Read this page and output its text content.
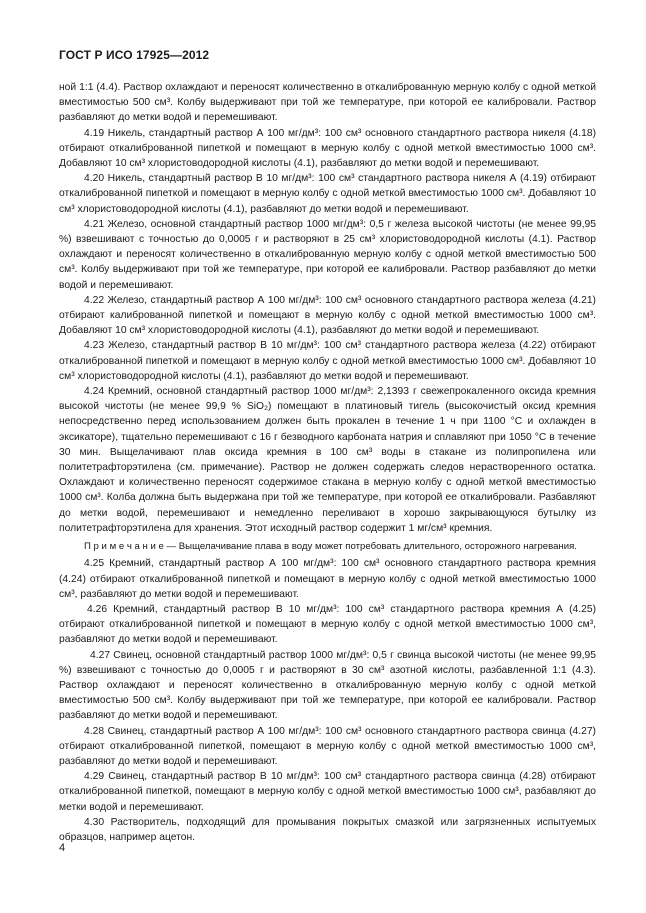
ГОСТ Р ИСО 17925—2012

ной 1:1 (4.4). Раствор охлаждают и переносят количественно в откалиброванную мерную колбу с одной меткой вместимостью 500 см³. Колбу выдерживают при той же температуре, при которой ее калибровали. Раствор разбавляют до метки водой и перемешивают.

4.19 Никель, стандартный раствор А 100 мг/дм³: 100 см³ основного стандартного раствора никеля (4.18) отбирают откалиброванной пипеткой и помещают в мерную колбу с одной меткой вместимостью 1000 см³. Добавляют 10 см³ хлористоводородной кислоты (4.1), разбавляют до метки водой и перемешивают.

4.20 Никель, стандартный раствор В 10 мг/дм³: 100 см³ стандартного раствора никеля А (4.19) отбирают откалиброванной пипеткой и помещают в мерную колбу с одной меткой вместимостью 1000 см³. Добавляют 10 см³ хлористоводородной кислоты (4.1), разбавляют до метки водой и перемешивают.

4.21 Железо, основной стандартный раствор 1000 мг/дм³: 0,5 г железа высокой чистоты (не менее 99,95 %) взвешивают с точностью до 0,0005 г и растворяют в 25 см³ хлористоводородной кислоты (4.1). Раствор охлаждают и переносят количественно в откалиброванную мерную колбу с одной меткой вместимостью 500 см³. Колбу выдерживают при той же температуре, при которой ее калибровали. Раствор разбавляют до метки водой и перемешивают.

4.22 Железо, стандартный раствор А 100 мг/дм³: 100 см³ основного стандартного раствора железа (4.21) отбирают калиброванной пипеткой и помещают в мерную колбу с одной меткой вместимостью 1000 см³. Добавляют 10 см³ хлористоводородной кислоты (4.1), разбавляют до метки водой и перемешивают.

4.23 Железо, стандартный раствор В 10 мг/дм³: 100 см³ стандартного раствора железа (4.22) отбирают откалиброванной пипеткой и помещают в мерную колбу с одной меткой вместимостью 1000 см³. Добавляют 10 см³ хлористоводородной кислоты (4.1), разбавляют до метки водой и перемешивают.

4.24 Кремний, основной стандартный раствор 1000 мг/дм³: 2,1393 г свежепрокаленного оксида кремния высокой чистоты (не менее 99,9 % SiO₂) помещают в платиновый тигель (высокочистый оксид кремния непосредственно перед использованием должен быть прокален в течение 1 ч при 1100 °С и охлажден в эксикаторе), тщательно перемешивают с 16 г безводного карбоната натрия и сплавляют при 1050 °С в течение 30 мин. Выщелачивают плав оксида кремния в 100 см³ воды в стакане из полипропилена или политетрафторэтилена (см. примечание). Раствор не должен содержать следов нерастворенного остатка. Охлаждают и количественно переносят содержимое стакана в мерную колбу с одной меткой вместимостью 1000 см³. Колба должна быть выдержана при той же температуре, при которой ее откалибровали. Разбавляют до метки водой, перемешивают и немедленно переливают в хорошо закрывающуюся бутылку из политетрафторэтилена для хранения. Этот исходный раствор содержит 1 мг/см³ кремния.

П р и м е ч а н и е — Выщелачивание плава в воду может потребовать длительного, осторожного нагревания.

4.25 Кремний, стандартный раствор А 100 мг/дм³: 100 см³ основного стандартного раствора кремния (4.24) отбирают откалиброванной пипеткой и помещают в мерную колбу с одной меткой вместимостью 1000 см³, разбавляют до метки водой и перемешивают.

4.26 Кремний, стандартный раствор В 10 мг/дм³: 100 см³ стандартного раствора кремния А (4.25) отбирают откалиброванной пипеткой и помещают в мерную колбу с одной меткой вместимостью 1000 см³, разбавляют до метки водой и перемешивают.

4.27 Свинец, основной стандартный раствор 1000 мг/дм³: 0,5 г свинца высокой чистоты (не менее 99,95 %) взвешивают с точностью до 0,0005 г и растворяют в 30 см³ азотной кислоты, разбавленной 1:1 (4.3). Раствор охлаждают и переносят количественно в откалиброванную мерную колбу с одной меткой вместимостью 500 см³. Колбу выдерживают при той же температуре, при которой ее калибровали. Раствор разбавляют до метки водой и перемешивают.

4.28 Свинец, стандартный раствор А 100 мг/дм³: 100 см³ основного стандартного раствора свинца (4.27) отбирают откалиброванной пипеткой, помещают в мерную колбу с одной меткой вместимостью 1000 см³, разбавляют до метки водой и перемешивают.

4.29 Свинец, стандартный раствор В 10 мг/дм³: 100 см³ стандартного раствора свинца (4.28) отбирают откалиброванной пипеткой, помещают в мерную колбу с одной меткой вместимостью 1000 см³, разбавляют до метки водой и перемешивают.

4.30 Растворитель, подходящий для промывания покрытых смазкой или загрязненных испытуемых образцов, например ацетон.

4
